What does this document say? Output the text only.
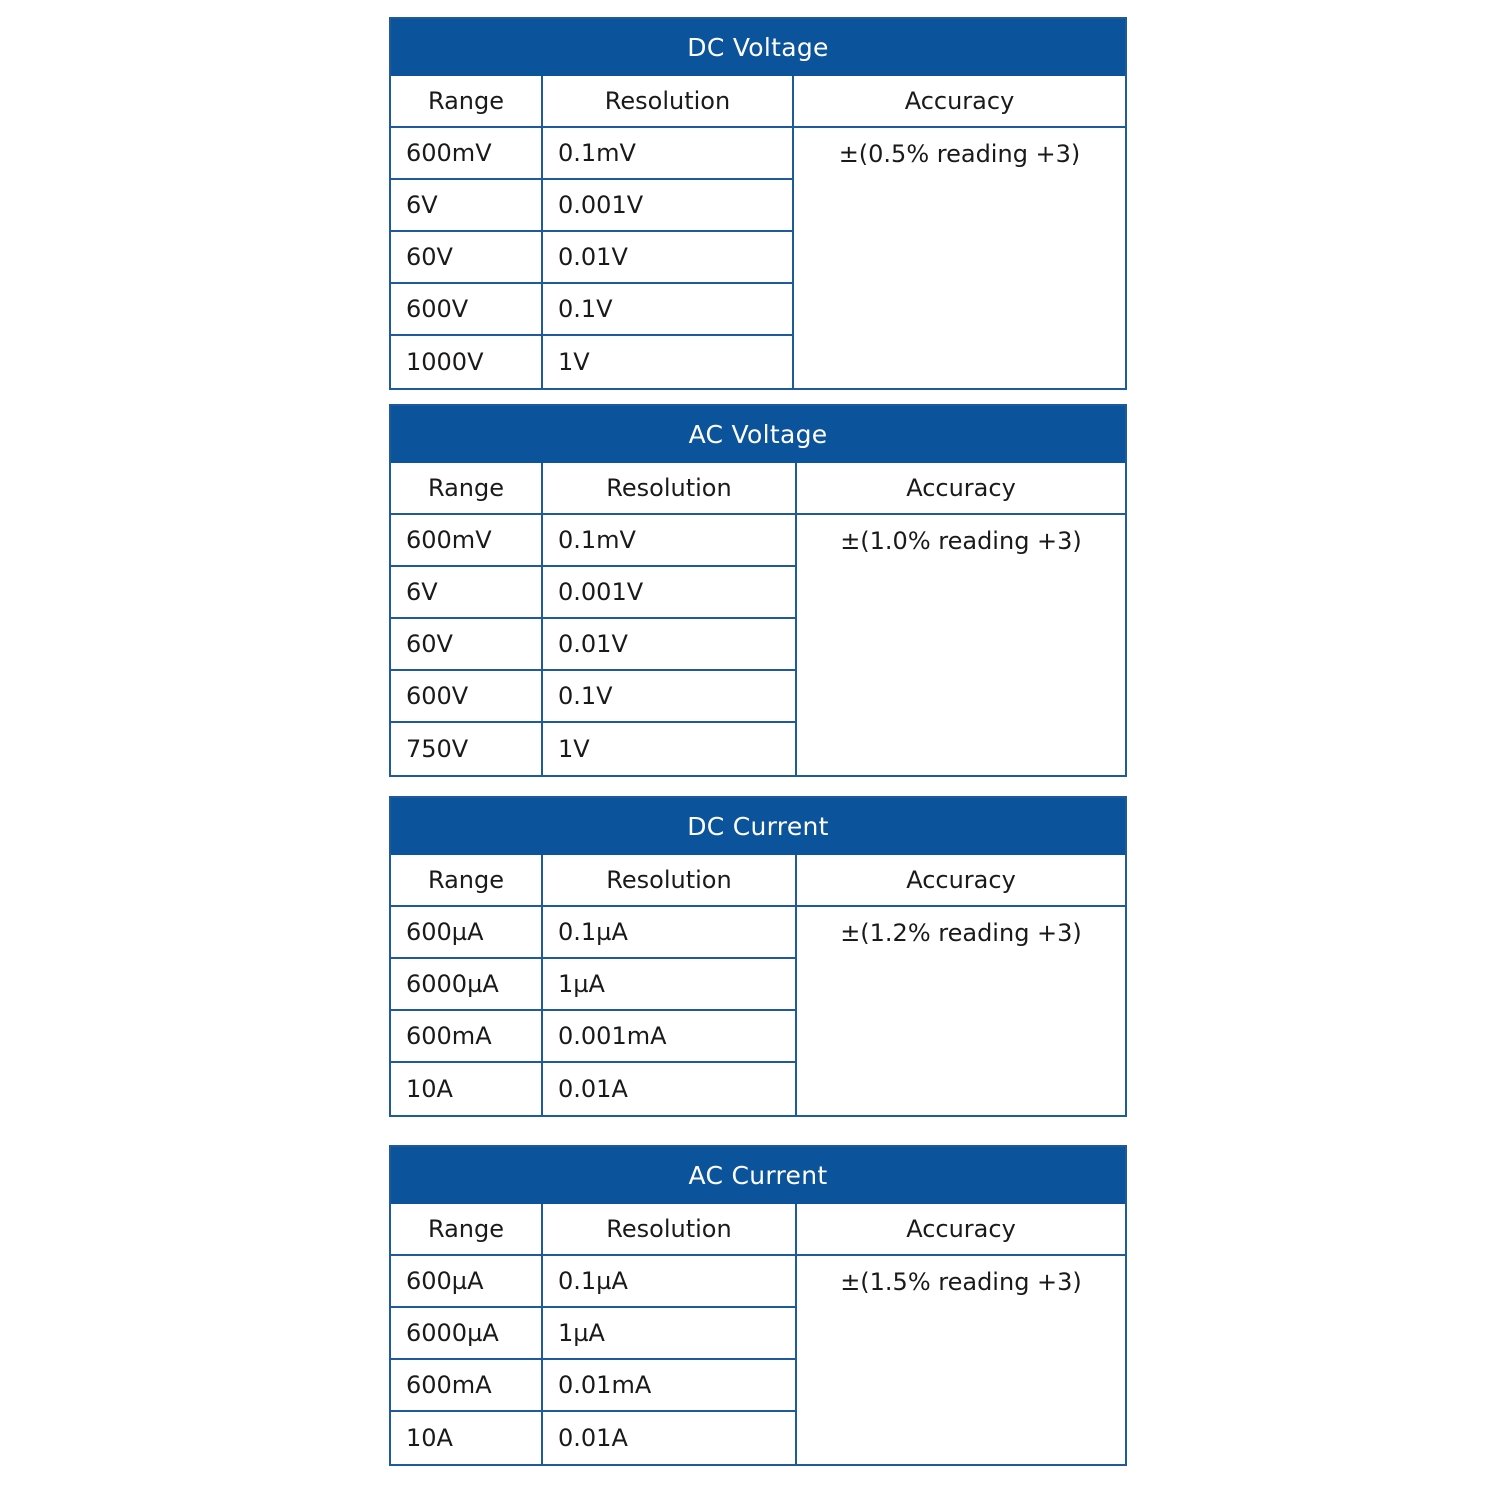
DC Voltage
Range	Resolution	Accuracy
600mV	0.1mV	±(0.5% reading +3)
6V	0.001V
60V	0.01V
600V	0.1V
1000V	1V
AC Voltage
Range	Resolution	Accuracy
600mV	0.1mV	±(1.0% reading +3)
6V	0.001V
60V	0.01V
600V	0.1V
750V	1V
DC Current
Range	Resolution	Accuracy
600µA	0.1µA	±(1.2% reading +3)
6000µA	1µA
600mA	0.001mA
10A	0.01A
AC Current
Range	Resolution	Accuracy
600µA	0.1µA	±(1.5% reading +3)
6000µA	1µA
600mA	0.01mA
10A	0.01A
